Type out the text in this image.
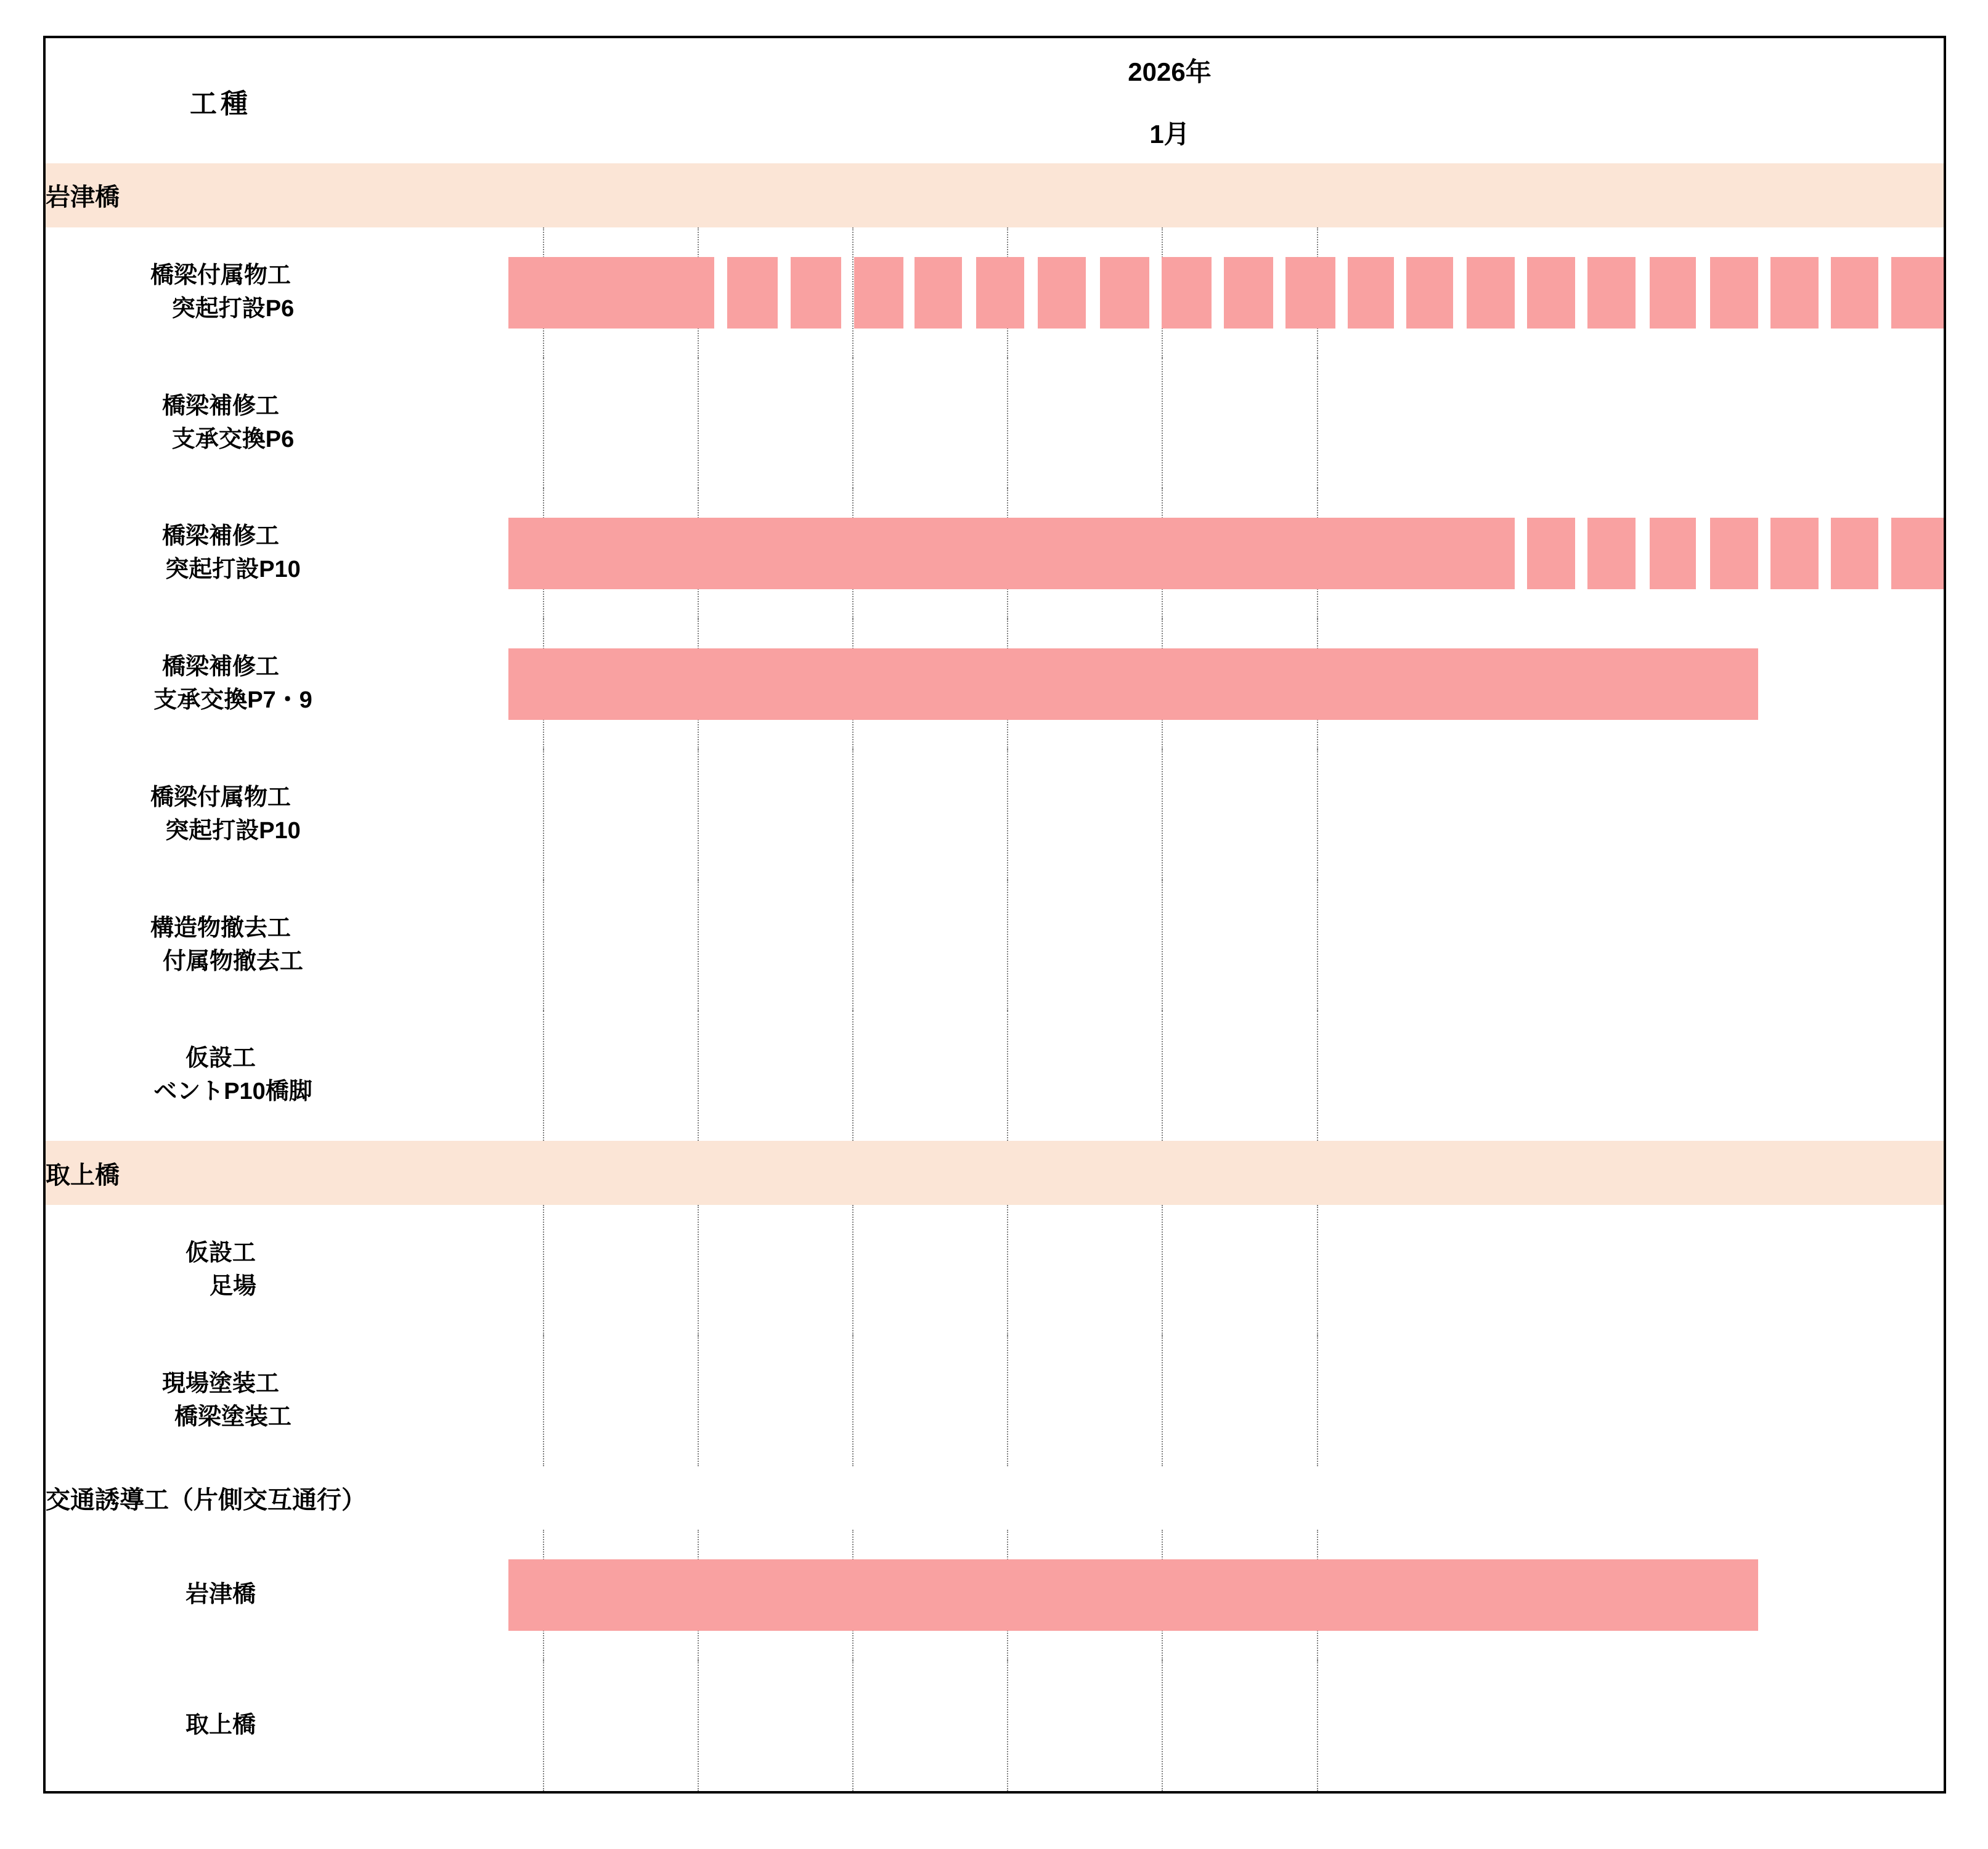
工種	2026年
	1月
岩津橋	

橋梁付属物工
突起打設P6	

橋梁補修工
支承交換P6	

橋梁補修工
突起打設P10	

橋梁補修工
支承交換P7・9	

橋梁付属物工
突起打設P10	

構造物撤去工
付属物撤去工	

仮設工
ベントP10橋脚	

取上橋	

仮設工
足場	

現場塗装工
橋梁塗装工	

交通誘導工（片側交互通行）	

岩津橋	

取上橋	
